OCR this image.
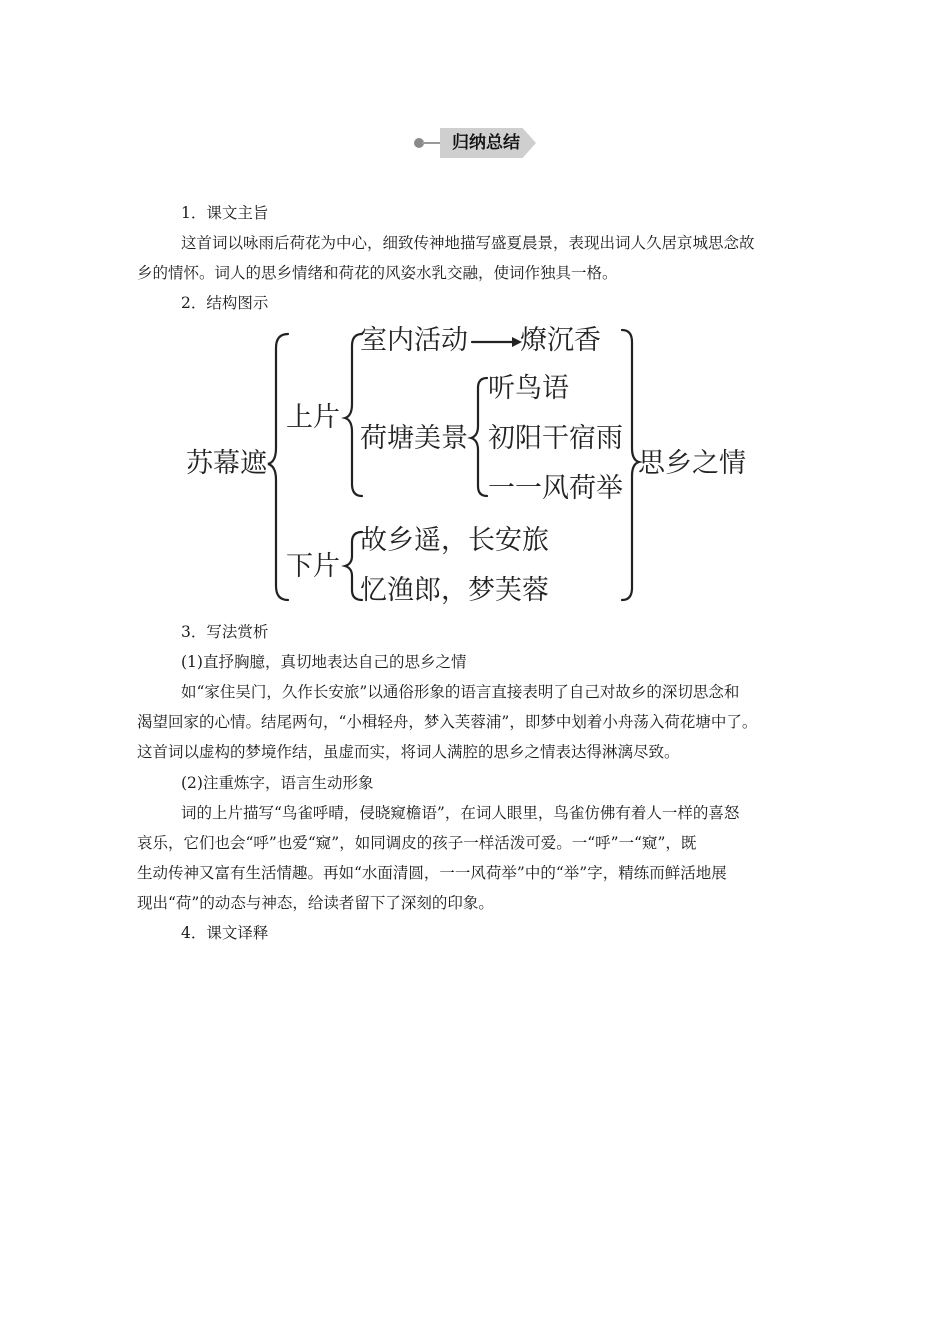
归纳总结
1．课文主旨
这首词以咏雨后荷花为中心，细致传神地描写盛夏晨景，表现出词人久居京城思念故
乡的情怀。词人的思乡情绪和荷花的风姿水乳交融，使词作独具一格。
2．结构图示
苏幕遮
上片
室内活动 燎沉香
荷塘美景
听鸟语
初阳干宿雨
一一风荷举
下片
故乡遥，长安旅
忆渔郎，梦芙蓉
思乡之情
3．写法赏析
(1)直抒胸臆，真切地表达自己的思乡之情
如“家住吴门，久作长安旅”以通俗形象的语言直接表明了自己对故乡的深切思念和
渴望回家的心情。结尾两句，“小楫轻舟，梦入芙蓉浦”，即梦中划着小舟荡入荷花塘中了。
这首词以虚构的梦境作结，虽虚而实，将词人满腔的思乡之情表达得淋漓尽致。
(2)注重炼字，语言生动形象
词的上片描写“鸟雀呼晴，侵晓窥檐语”，在词人眼里，鸟雀仿佛有着人一样的喜怒
哀乐，它们也会“呼”也爱“窥”，如同调皮的孩子一样活泼可爱。一“呼”一“窥”，既
生动传神又富有生活情趣。再如“水面清圆，一一风荷举”中的“举”字，精练而鲜活地展
现出“荷”的动态与神态，给读者留下了深刻的印象。
4．课文译释
